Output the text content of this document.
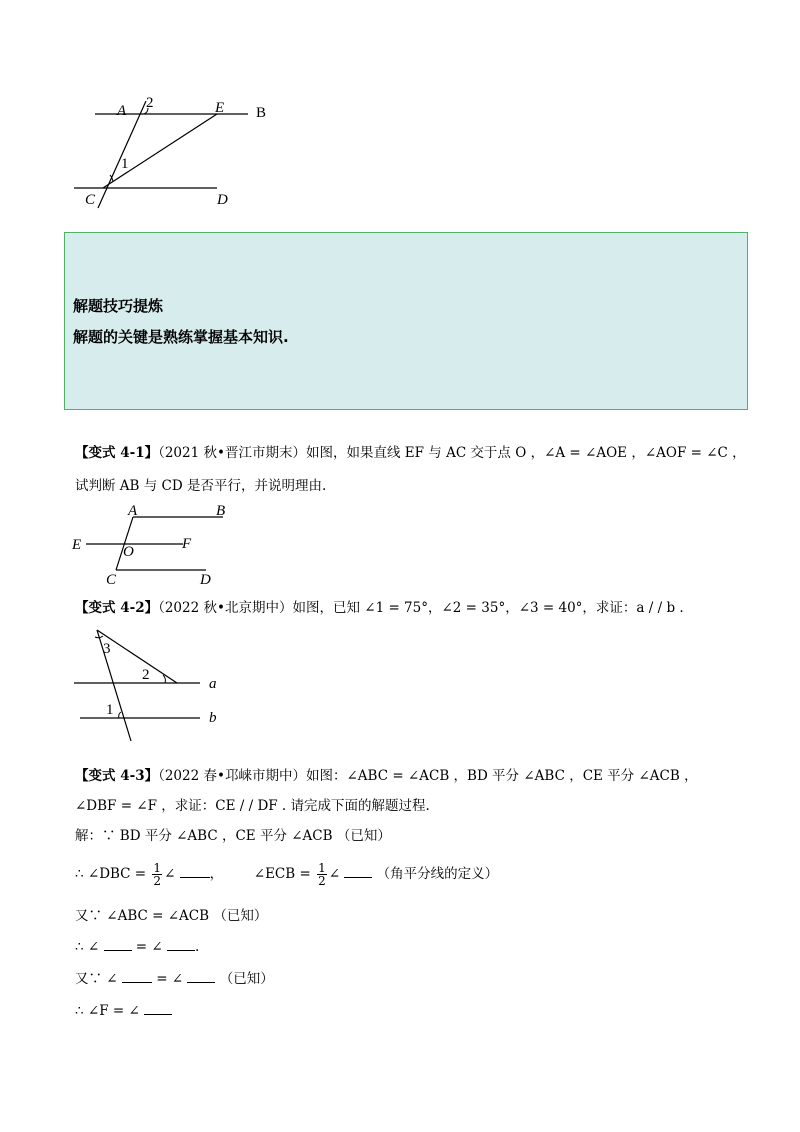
A 2	E B
1
C	D
解题技巧提炼
解题的关键是熟练掌握基本知识.
【变式 4-1】（2021 秋•晋江市期末）如图，如果直线 EF 与 AC 交于点 O ，∠A = ∠AOE ，∠AOF = ∠C ，
试判断 AB 与 CD 是否平行，并说明理由.
A	B
E	O	F
C	D
【变式 4-2】（2022 秋•北京期中）如图，已知 ∠1 = 75°，∠2 = 35°，∠3 = 40°，求证：a / / b .
3
2
a
1	b
【变式 4-3】（2022 春•邛崃市期中）如图：∠ABC = ∠ACB ，BD 平分 ∠ABC ，CE 平分 ∠ACB ，
∠DBF = ∠F ，求证：CE / / DF . 请完成下面的解题过程.
解：∵ BD 平分 ∠ABC ，CE 平分 ∠ACB （已知）
∴ ∠DBC = $\frac{1}{2}$ ∠	， ∠ECB = $\frac{1}{2}$ ∠	（角平分线的定义）
又∵ ∠ABC = ∠ACB （已知）
∴ ∠	= ∠ .
又∵ ∠	= ∠	（已知）
∴ ∠F = ∠
